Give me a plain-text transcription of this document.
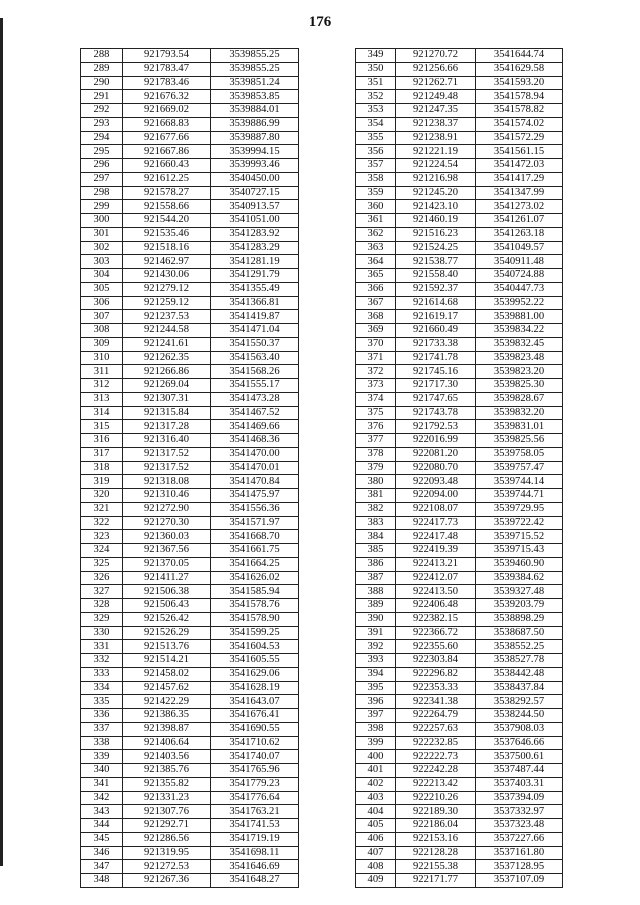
176
288	921793.54	3539855.25
289	921783.47	3539855.25
290	921783.46	3539851.24
291	921676.32	3539853.85
292	921669.02	3539884.01
293	921668.83	3539886.99
294	921677.66	3539887.80
295	921667.86	3539994.15
296	921660.43	3539993.46
297	921612.25	3540450.00
298	921578.27	3540727.15
299	921558.66	3540913.57
300	921544.20	3541051.00
301	921535.46	3541283.92
302	921518.16	3541283.29
303	921462.97	3541281.19
304	921430.06	3541291.79
305	921279.12	3541355.49
306	921259.12	3541366.81
307	921237.53	3541419.87
308	921244.58	3541471.04
309	921241.61	3541550.37
310	921262.35	3541563.40
311	921266.86	3541568.26
312	921269.04	3541555.17
313	921307.31	3541473.28
314	921315.84	3541467.52
315	921317.28	3541469.66
316	921316.40	3541468.36
317	921317.52	3541470.00
318	921317.52	3541470.01
319	921318.08	3541470.84
320	921310.46	3541475.97
321	921272.90	3541556.36
322	921270.30	3541571.97
323	921360.03	3541668.70
324	921367.56	3541661.75
325	921370.05	3541664.25
326	921411.27	3541626.02
327	921506.38	3541585.94
328	921506.43	3541578.76
329	921526.42	3541578.90
330	921526.29	3541599.25
331	921513.76	3541604.53
332	921514.21	3541605.55
333	921458.02	3541629.06
334	921457.62	3541628.19
335	921422.29	3541643.07
336	921386.35	3541676.41
337	921398.87	3541690.55
338	921406.64	3541710.62
339	921403.56	3541740.07
340	921385.76	3541765.96
341	921355.82	3541779.23
342	921331.23	3541776.64
343	921307.76	3541763.21
344	921292.71	3541741.53
345	921286.56	3541719.19
346	921319.95	3541698.11
347	921272.53	3541646.69
348	921267.36	3541648.27
349	921270.72	3541644.74
350	921256.66	3541629.58
351	921262.71	3541593.20
352	921249.48	3541578.94
353	921247.35	3541578.82
354	921238.37	3541574.02
355	921238.91	3541572.29
356	921221.19	3541561.15
357	921224.54	3541472.03
358	921216.98	3541417.29
359	921245.20	3541347.99
360	921423.10	3541273.02
361	921460.19	3541261.07
362	921516.23	3541263.18
363	921524.25	3541049.57
364	921538.77	3540911.48
365	921558.40	3540724.88
366	921592.37	3540447.73
367	921614.68	3539952.22
368	921619.17	3539881.00
369	921660.49	3539834.22
370	921733.38	3539832.45
371	921741.78	3539823.48
372	921745.16	3539823.20
373	921717.30	3539825.30
374	921747.65	3539828.67
375	921743.78	3539832.20
376	921792.53	3539831.01
377	922016.99	3539825.56
378	922081.20	3539758.05
379	922080.70	3539757.47
380	922093.48	3539744.14
381	922094.00	3539744.71
382	922108.07	3539729.95
383	922417.73	3539722.42
384	922417.48	3539715.52
385	922419.39	3539715.43
386	922413.21	3539460.90
387	922412.07	3539384.62
388	922413.50	3539327.48
389	922406.48	3539203.79
390	922382.15	3538898.29
391	922366.72	3538687.50
392	922355.60	3538552.25
393	922303.84	3538527.78
394	922296.82	3538442.48
395	922353.33	3538437.84
396	922341.38	3538292.57
397	922264.79	3538244.50
398	922257.63	3537908.03
399	922232.85	3537646.66
400	922222.73	3537500.61
401	922242.28	3537487.44
402	922213.42	3537403.31
403	922210.26	3537394.09
404	922189.30	3537332.97
405	922186.04	3537323.48
406	922153.16	3537227.66
407	922128.28	3537161.80
408	922155.38	3537128.95
409	922171.77	3537107.09
